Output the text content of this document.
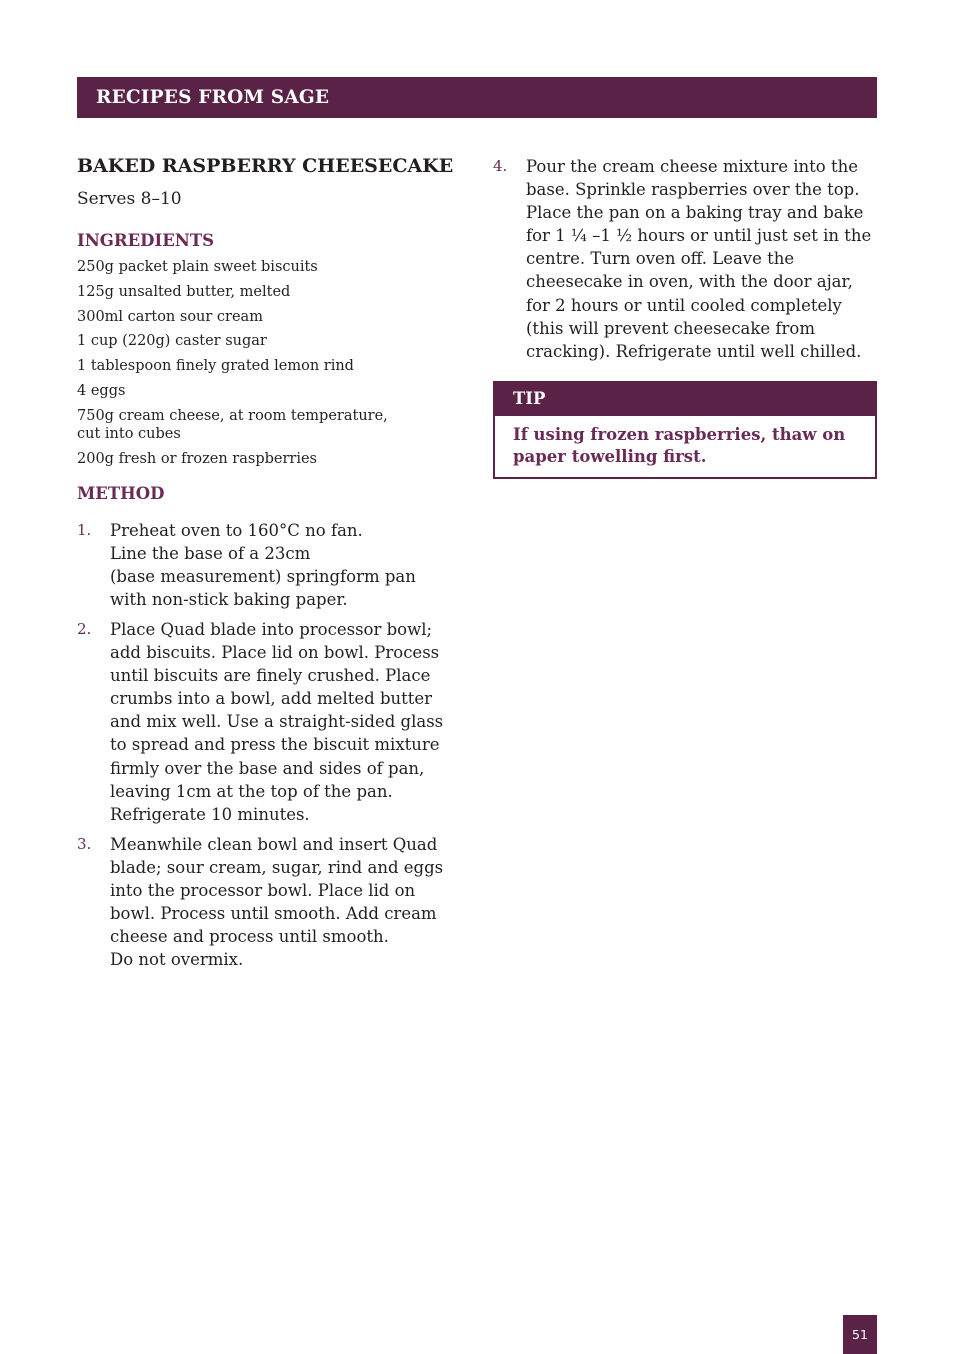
RECIPES FROM SAGE
BAKED RASPBERRY CHEESECAKE
Serves 8–10
INGREDIENTS
250g packet plain sweet biscuits
125g unsalted butter, melted
300ml carton sour cream
1 cup (220g) caster sugar
1 tablespoon finely grated lemon rind
4 eggs
750g cream cheese, at room temperature, cut into cubes
200g fresh or frozen raspberries
METHOD
1.	Preheat oven to 160°C no fan.
Line the base of a 23cm
(base measurement) springform pan with non-stick baking paper.
2.	Place Quad blade into processor bowl; add biscuits. Place lid on bowl. Process until biscuits are finely crushed. Place crumbs into a bowl, add melted butter and mix well. Use a straight-sided glass to spread and press the biscuit mixture firmly over the base and sides of pan, leaving 1cm at the top of the pan. Refrigerate 10 minutes.
3.	Meanwhile clean bowl and insert Quad blade; sour cream, sugar, rind and eggs into the processor bowl. Place lid on bowl. Process until smooth. Add cream cheese and process until smooth.
Do not overmix.
4.	Pour the cream cheese mixture into the base. Sprinkle raspberries over the top. Place the pan on a baking tray and bake for 1 ¼ –1 ½ hours or until just set in the centre. Turn oven off. Leave the cheesecake in oven, with the door ajar, for 2 hours or until cooled completely (this will prevent cheesecake from cracking). Refrigerate until well chilled.
TIP
If using frozen raspberries, thaw on
paper towelling first.
51
